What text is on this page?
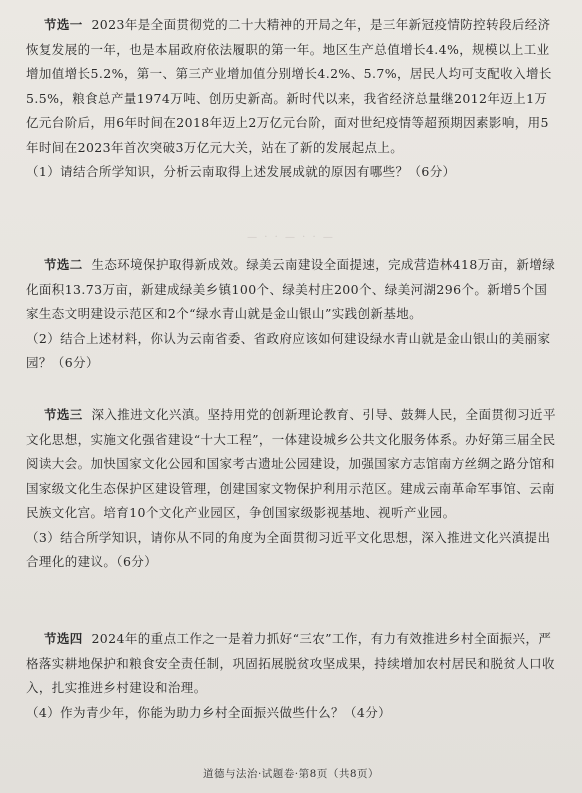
节选一 2023年是全面贯彻党的二十大精神的开局之年，是三年新冠疫情防控转段后经济恢复发展的一年，也是本届政府依法履职的第一年。地区生产总值增长4.4%，规模以上工业增加值增长5.2%，第一、第三产业增加值分别增长4.2%、5.7%，居民人均可支配收入增长5.5%，粮食总产量1974万吨、创历史新高。新时代以来，我省经济总量继2012年迈上1万亿元台阶后，用6年时间在2018年迈上2万亿元台阶，面对世纪疫情等超预期因素影响，用5年时间在2023年首次突破3万亿元大关，站在了新的发展起点上。

（1）请结合所学知识，分析云南取得上述发展成就的原因有哪些？（6分）

— · · — · · —

节选二 生态环境保护取得新成效。绿美云南建设全面提速，完成营造林418万亩，新增绿化面积13.73万亩，新建成绿美乡镇100个、绿美村庄200个、绿美河湖296个。新增5个国家生态文明建设示范区和2个“绿水青山就是金山银山”实践创新基地。

（2）结合上述材料，你认为云南省委、省政府应该如何建设绿水青山就是金山银山的美丽家园？（6分）

节选三 深入推进文化兴滇。坚持用党的创新理论教育、引导、鼓舞人民，全面贯彻习近平文化思想，实施文化强省建设“十大工程”，一体建设城乡公共文化服务体系。办好第三届全民阅读大会。加快国家文化公园和国家考古遗址公园建设，加强国家方志馆南方丝绸之路分馆和国家级文化生态保护区建设管理，创建国家文物保护利用示范区。建成云南革命军事馆、云南民族文化宫。培育10个文化产业园区，争创国家级影视基地、视听产业园。

（3）结合所学知识，请你从不同的角度为全面贯彻习近平文化思想，深入推进文化兴滇提出合理化的建议。（6分）

节选四 2024年的重点工作之一是着力抓好“三农”工作，有力有效推进乡村全面振兴，严格落实耕地保护和粮食安全责任制，巩固拓展脱贫攻坚成果，持续增加农村居民和脱贫人口收入，扎实推进乡村建设和治理。

（4）作为青少年，你能为助力乡村全面振兴做些什么？（4分）

道德与法治·试题卷·第8页（共8页）
